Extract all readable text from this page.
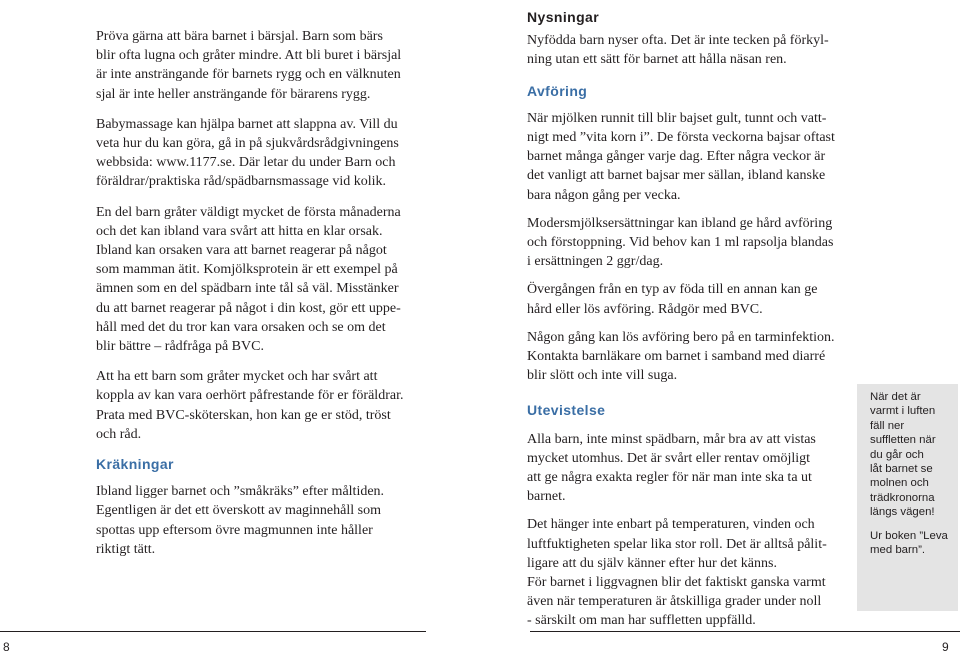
Pröva gärna att bära barnet i bärsjal. Barn som bärs
blir ofta lugna och gråter mindre. Att bli buret i bärsjal
är inte ansträngande för barnets rygg och en välknuten
sjal är inte heller ansträngande för bärarens rygg.

Babymassage kan hjälpa barnet att slappna av. Vill du
veta hur du kan göra, gå in på sjukvårdsrådgivningens
webbsida: www.1177.se. Där letar du under Barn och
föräldrar/praktiska råd/spädbarnsmassage vid kolik.

En del barn gråter väldigt mycket de första månaderna
och det kan ibland vara svårt att hitta en klar orsak.
Ibland kan orsaken vara att barnet reagerar på något
som mamman ätit. Komjölksprotein är ett exempel på
ämnen som en del spädbarn inte tål så väl. Misstänker
du att barnet reagerar på något i din kost, gör ett uppe-
håll med det du tror kan vara orsaken och se om det
blir bättre – rådfråga på BVC.

Att ha ett barn som gråter mycket och har svårt att
koppla av kan vara oerhört påfrestande för er föräldrar.
Prata med BVC-sköterskan, hon kan ge er stöd, tröst
och råd.

Kräkningar

Ibland ligger barnet och ”småkräks” efter måltiden.
Egentligen är det ett överskott av maginnehåll som
spottas upp eftersom övre magmunnen inte håller
riktigt tätt.

Nysningar

Nyfödda barn nyser ofta. Det är inte tecken på förkyl-
ning utan ett sätt för barnet att hålla näsan ren.

Avföring

När mjölken runnit till blir bajset gult, tunnt och vatt-
nigt med ”vita korn i”. De första veckorna bajsar oftast
barnet många gånger varje dag. Efter några veckor är
det vanligt att barnet bajsar mer sällan, ibland kanske
bara någon gång per vecka.

Modersmjölksersättningar kan ibland ge hård avföring
och förstoppning. Vid behov kan 1 ml rapsolja blandas
i ersättningen 2 ggr/dag.

Övergången från en typ av föda till en annan kan ge
hård eller lös avföring. Rådgör med BVC.

Någon gång kan lös avföring bero på en tarminfektion.
Kontakta barnläkare om barnet i samband med diarré
blir slött och inte vill suga.

Utevistelse

Alla barn, inte minst spädbarn, mår bra av att vistas
mycket utomhus. Det är svårt eller rentav omöjligt
att ge några exakta regler för när man inte ska ta ut
barnet.

Det hänger inte enbart på temperaturen, vinden och
luftfuktigheten spelar lika stor roll. Det är alltså pålit-
ligare att du själv känner efter hur det känns.
För barnet i liggvagnen blir det faktiskt ganska varmt
även när temperaturen är åtskilliga grader under noll
- särskilt om man har suffletten uppfälld.

När det är
varmt i luften
fäll ner
suffletten när
du går och
låt barnet se
molnen och
trädkronorna
längs vägen!

Ur boken ”Leva
med barn”.

8	9
